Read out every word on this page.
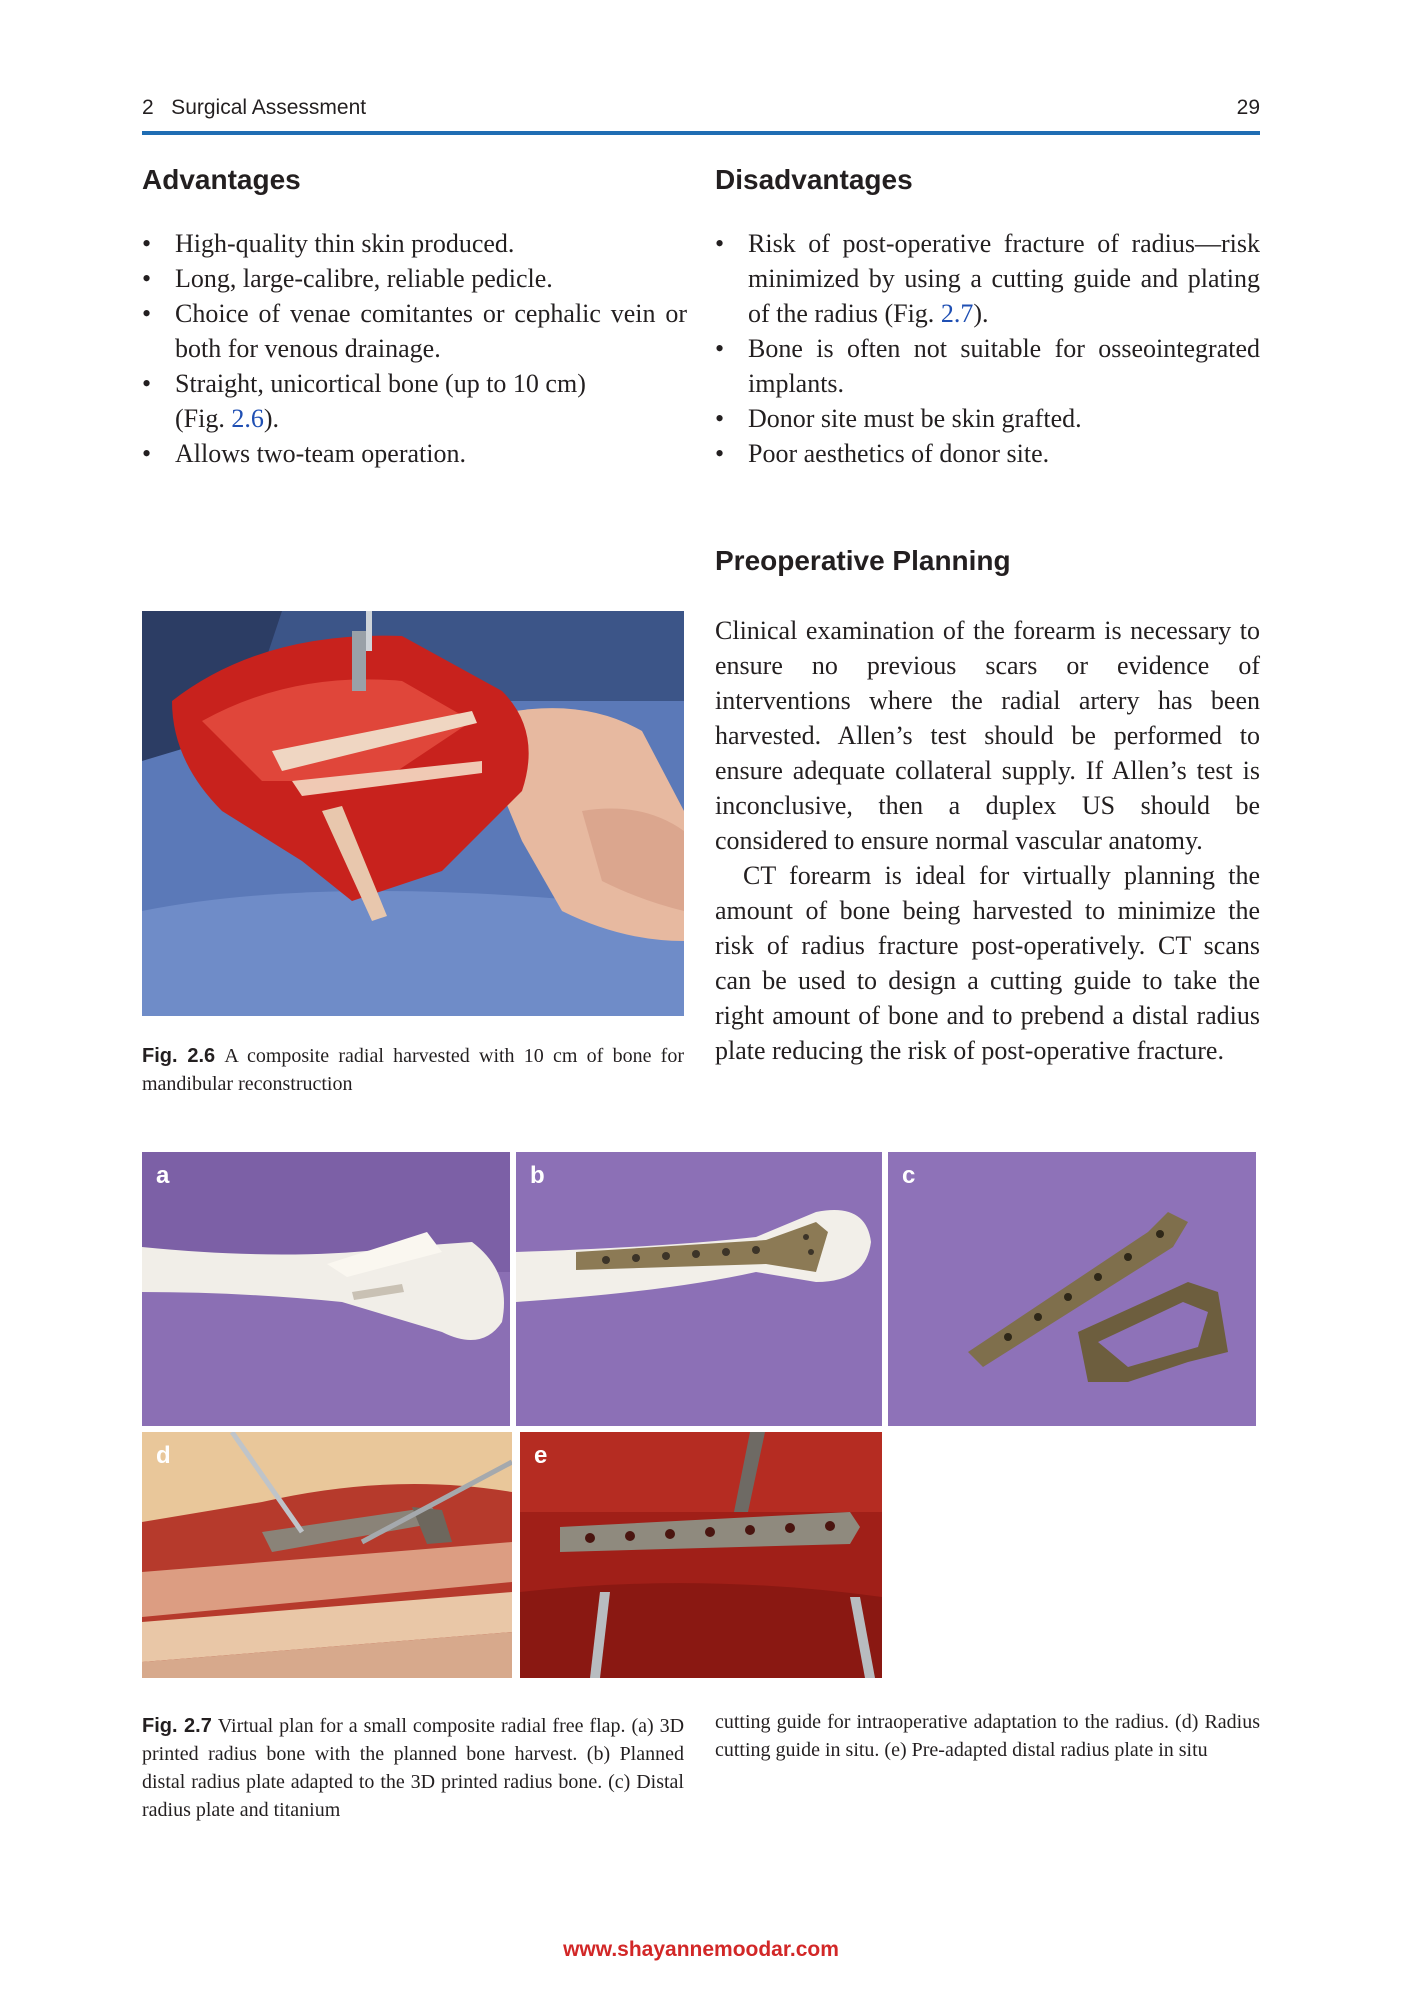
2   Surgical Assessment	29
Advantages
• High-quality thin skin produced.
• Long, large-calibre, reliable pedicle.
• Choice of venae comitantes or cephalic vein or both for venous drainage.
• Straight, unicortical bone (up to 10 cm)
(Fig. 2.6).
• Allows two-team operation.
Disadvantages
• Risk of post-operative fracture of radius—risk minimized by using a cutting guide and plating of the radius (Fig. 2.7).
• Bone is often not suitable for osseointegrated implants.
• Donor site must be skin grafted.
• Poor aesthetics of donor site.
Preoperative Planning

Clinical examination of the forearm is necessary to ensure no previous scars or evidence of interventions where the radial artery has been harvested. Allen’s test should be performed to ensure adequate collateral supply. If Allen’s test is inconclusive, then a duplex US should be considered to ensure normal vascular anatomy.

CT forearm is ideal for virtually planning the amount of bone being harvested to minimize the risk of radius fracture post-operatively. CT scans can be used to design a cutting guide to take the right amount of bone and to prebend a distal radius plate reducing the risk of post-operative fracture.

Fig. 2.6 A composite radial harvested with 10 cm of bone for mandibular reconstruction
a	b	c
d	e
Fig. 2.7 Virtual plan for a small composite radial free flap. (a) 3D printed radius bone with the planned bone harvest. (b) Planned distal radius plate adapted to the 3D printed radius bone. (c) Distal radius plate and titanium
cutting guide for intraoperative adaptation to the radius. (d) Radius cutting guide in situ. (e) Pre-adapted distal radius plate in situ
www.shayannemoodar.com
